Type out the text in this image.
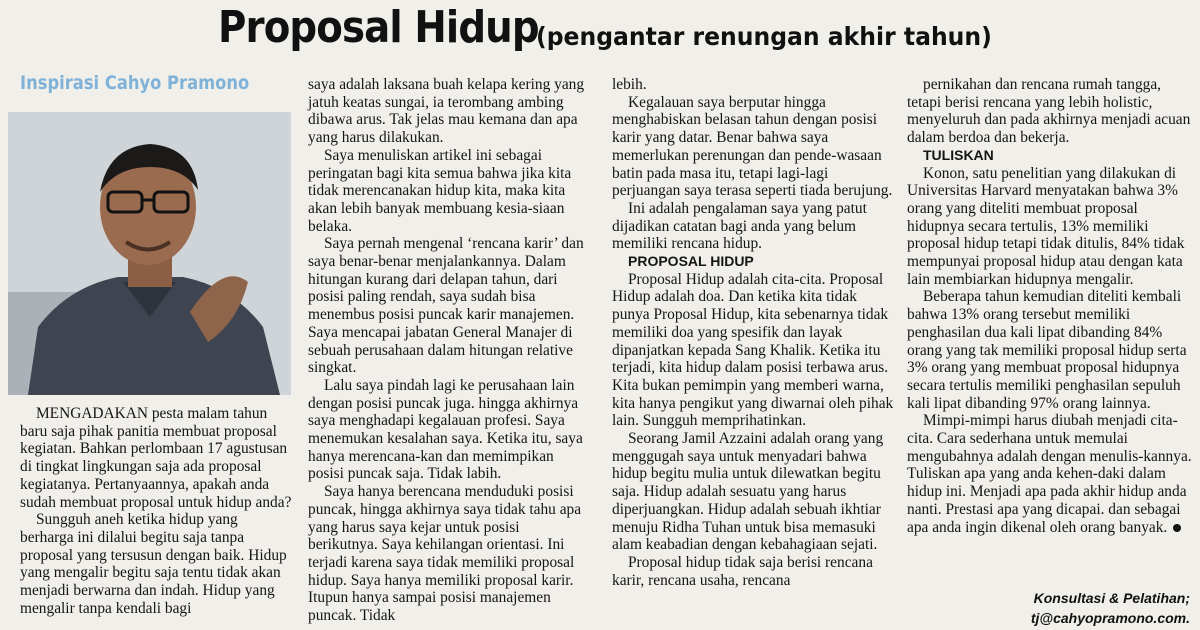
Proposal Hidup
(pengantar renungan akhir tahun)
Inspirasi Cahyo Pramono

MENGADAKAN pesta malam tahun baru saja pihak panitia membuat proposal kegiatan. Bahkan perlombaan 17 agustusan di tingkat lingkungan saja ada proposal kegiatanya. Pertanyaannya, apakah anda sudah membuat proposal untuk hidup anda?

Sungguh aneh ketika hidup yang berharga ini dilalui begitu saja tanpa proposal yang tersusun dengan baik. Hidup yang mengalir begitu saja tentu tidak akan menjadi berwarna dan indah. Hidup yang mengalir tanpa kendali bagi

saya adalah laksana buah kelapa kering yang jatuh keatas sungai, ia terombang ambing dibawa arus. Tak jelas mau kemana dan apa yang harus dilakukan.

Saya menuliskan artikel ini sebagai peringatan bagi kita semua bahwa jika kita tidak merencanakan hidup kita, maka kita akan lebih banyak membuang kesia-siaan belaka.

Saya pernah mengenal ‘rencana karir’ dan saya benar-benar menjalankannya. Dalam hitungan kurang dari delapan tahun, dari posisi paling rendah, saya sudah bisa menembus posisi puncak karir manajemen. Saya mencapai jabatan General Manajer di sebuah perusahaan dalam hitungan relative singkat.

Lalu saya pindah lagi ke perusahaan lain dengan posisi puncak juga. hingga akhirnya saya menghadapi kegalauan profesi. Saya menemukan kesalahan saya. Ketika itu, saya hanya merencana-kan dan memimpikan posisi puncak saja. Tidak labih.

Saya hanya berencana menduduki posisi puncak, hingga akhirnya saya tidak tahu apa yang harus saya kejar untuk posisi berikutnya. Saya kehilangan orientasi. Ini terjadi karena saya tidak memiliki proposal hidup. Saya hanya memiliki proposal karir. Itupun hanya sampai posisi manajemen puncak. Tidak

lebih.

Kegalauan saya berputar hingga menghabiskan belasan tahun dengan posisi karir yang datar. Benar bahwa saya memerlukan perenungan dan pende-wasaan batin pada masa itu, tetapi lagi-lagi perjuangan saya terasa seperti tiada berujung.

Ini adalah pengalaman saya yang patut dijadikan catatan bagi anda yang belum memiliki rencana hidup.

PROPOSAL HIDUP

Proposal Hidup adalah cita-cita. Proposal Hidup adalah doa. Dan ketika kita tidak punya Proposal Hidup, kita sebenarnya tidak memiliki doa yang spesifik dan layak dipanjatkan kepada Sang Khalik. Ketika itu terjadi, kita hidup dalam posisi terbawa arus. Kita bukan pemimpin yang memberi warna, kita hanya pengikut yang diwarnai oleh pihak lain. Sungguh memprihatinkan.

Seorang Jamil Azzaini adalah orang yang menggugah saya untuk menyadari bahwa hidup begitu mulia untuk dilewatkan begitu saja. Hidup adalah sesuatu yang harus diperjuangkan. Hidup adalah sebuah ikhtiar menuju Ridha Tuhan untuk bisa memasuki alam keabadian dengan kebahagiaan sejati.

Proposal hidup tidak saja berisi rencana karir, rencana usaha, rencana

pernikahan dan rencana rumah tangga, tetapi berisi rencana yang lebih holistic, menyeluruh dan pada akhirnya menjadi acuan dalam berdoa dan bekerja.

TULISKAN

Konon, satu penelitian yang dilakukan di Universitas Harvard menyatakan bahwa 3% orang yang diteliti membuat proposal hidupnya secara tertulis, 13% memiliki proposal hidup tetapi tidak ditulis, 84% tidak mempunyai proposal hidup atau dengan kata lain membiarkan hidupnya mengalir.

Beberapa tahun kemudian diteliti kembali bahwa 13% orang tersebut memiliki penghasilan dua kali lipat dibanding 84% orang yang tak memiliki proposal hidup serta 3% orang yang membuat proposal hidupnya secara tertulis memiliki penghasilan sepuluh kali lipat dibanding 97% orang lainnya.

Mimpi-mimpi harus diubah menjadi cita-cita. Cara sederhana untuk memulai mengubahnya adalah dengan menulis-kannya. Tuliskan apa yang anda kehen-daki dalam hidup ini. Menjadi apa pada akhir hidup anda nanti. Prestasi apa yang dicapai. dan sebagai apa anda ingin dikenal oleh orang banyak.

Konsultasi & Pelatihan;
tj@cahyopramono.com.
